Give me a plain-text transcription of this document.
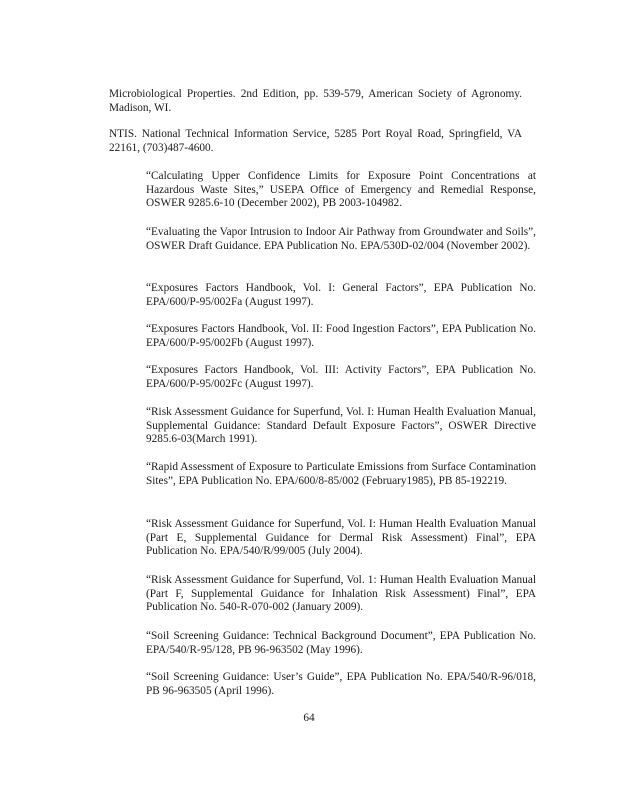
Microbiological Properties. 2nd Edition, pp. 539-579, American Society of Agronomy. Madison, WI.

NTIS. National Technical Information Service, 5285 Port Royal Road, Springfield, VA 22161, (703)487-4600.

“Calculating Upper Confidence Limits for Exposure Point Concentrations at Hazardous Waste Sites,” USEPA Office of Emergency and Remedial Response, OSWER 9285.6-10 (December 2002), PB 2003-104982.

“Evaluating the Vapor Intrusion to Indoor Air Pathway from Groundwater and Soils”, OSWER Draft Guidance. EPA Publication No. EPA/530D-02/004 (November 2002).

“Exposures Factors Handbook, Vol. I: General Factors”, EPA Publication No. EPA/600/P-95/002Fa (August 1997).

“Exposures Factors Handbook, Vol. II: Food Ingestion Factors”, EPA Publication No. EPA/600/P-95/002Fb (August 1997).

“Exposures Factors Handbook, Vol. III: Activity Factors”, EPA Publication No. EPA/600/P-95/002Fc (August 1997).

“Risk Assessment Guidance for Superfund, Vol. I: Human Health Evaluation Manual, Supplemental Guidance: Standard Default Exposure Factors”, OSWER Directive 9285.6-03(March 1991).

“Rapid Assessment of Exposure to Particulate Emissions from Surface Contamination Sites”, EPA Publication No. EPA/600/8-85/002 (February1985), PB 85-192219.

“Risk Assessment Guidance for Superfund, Vol. I: Human Health Evaluation Manual (Part E, Supplemental Guidance for Dermal Risk Assessment) Final”, EPA Publication No. EPA/540/R/99/005 (July 2004).

“Risk Assessment Guidance for Superfund, Vol. 1: Human Health Evaluation Manual (Part F, Supplemental Guidance for Inhalation Risk Assessment) Final”, EPA Publication No. 540-R-070-002 (January 2009).

“Soil Screening Guidance: Technical Background Document”, EPA Publication No. EPA/540/R-95/128, PB 96-963502 (May 1996).

“Soil Screening Guidance: User’s Guide”, EPA Publication No. EPA/540/R-96/018, PB 96-963505 (April 1996).

64
